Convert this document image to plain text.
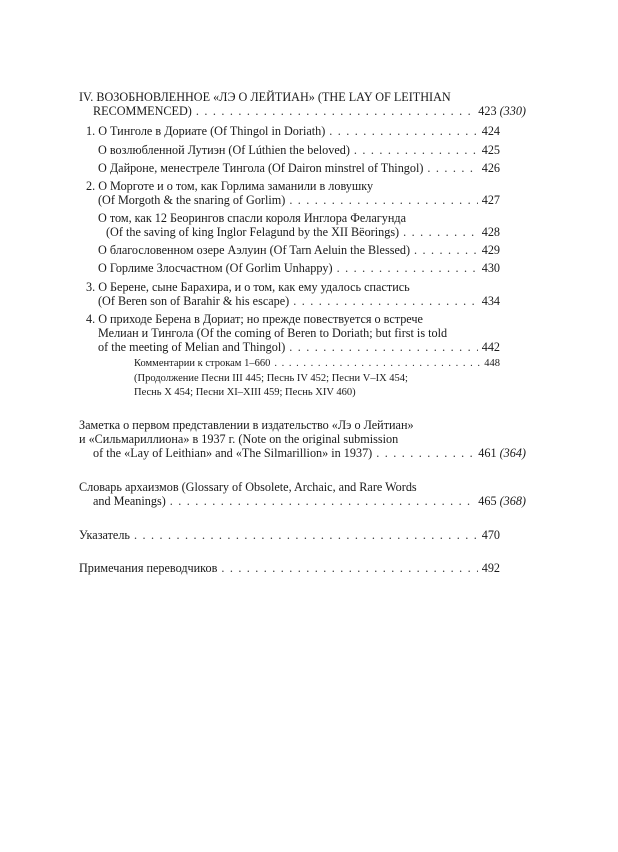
IV. ВОЗОБНОВЛЕННОЕ «ЛЭ О ЛЕЙТИАН» (THE LAY OF LEITHIAN
RECOMMENCED) . . .	423 (330)
1. О Тинголе в Дориате (Of Thingol in Doriath) . . .	424
О возлюбленной Лутиэн (Of Lúthien the beloved) . . .	425
О Дайроне, менестреле Тингола (Of Dairon minstrel of Thingol) . . .	426
2. О Морготе и о том, как Горлима заманили в ловушку
(Of Morgoth & the snaring of Gorlim) . . .	427
О том, как 12 Беорингов спасли короля Инглора Фелагунда
(Of the saving of king Inglor Felagund by the XII Bëorings) . . .	428
О благословенном озере Аэлуин (Of Tarn Aeluin the Blessed) . . .	429
О Горлиме Злосчастном (Of Gorlim Unhappy) . . .	430
3. О Берене, сыне Барахира, и о том, как ему удалось спастись
(Of Beren son of Barahir & his escape) . . .	434
4. О приходе Берена в Дориат; но прежде повествуется о встрече
Мелиан и Тингола (Of the coming of Beren to Doriath; but first is told
of the meeting of Melian and Thingol) . . .	442
Комментарии к строкам 1–660 . . .	448
(Продолжение Песни III 445; Песнь IV 452; Песни V–IX 454;
Песнь X 454; Песни XI–XIII 459; Песнь XIV 460)
Заметка о первом представлении в издательство «Лэ о Лейтиан»
и «Сильмариллиона» в 1937 г. (Note on the original submission
of the «Lay of Leithian» and «The Silmarillion» in 1937) . . .	461 (364)
Словарь архаизмов (Glossary of Obsolete, Archaic, and Rare Words
and Meanings) . . .	465 (368)
Указатель . . .	470
Примечания переводчиков . . .	492
